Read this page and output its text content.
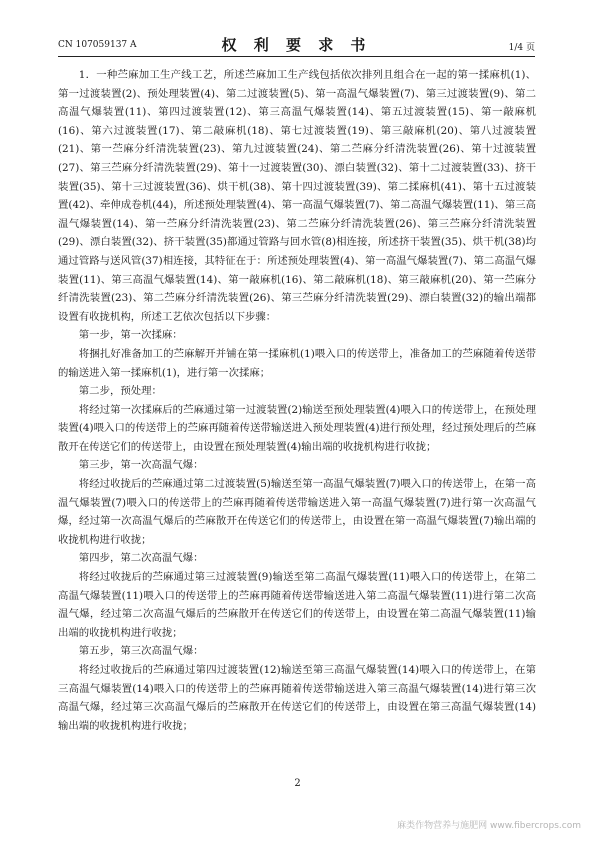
CN 107059137 A	权 利 要 求 书	1/4 页

1．一种苎麻加工生产线工艺，所述苎麻加工生产线包括依次排列且组合在一起的第一揉麻机(1)、第一过渡装置(2)、预处理装置(4)、第二过渡装置(5)、第一高温气爆装置(7)、第三过渡装置(9)、第二高温气爆装置(11)、第四过渡装置(12)、第三高温气爆装置(14)、第五过渡装置(15)、第一敲麻机(16)、第六过渡装置(17)、第二敲麻机(18)、第七过渡装置(19)、第三敲麻机(20)、第八过渡装置(21)、第一苎麻分纤清洗装置(23)、第九过渡装置(24)、第二苎麻分纤清洗装置(26)、第十过渡装置(27)、第三苎麻分纤清洗装置(29)、第十一过渡装置(30)、漂白装置(32)、第十二过渡装置(33)、挤干装置(35)、第十三过渡装置(36)、烘干机(38)、第十四过渡装置(39)、第二揉麻机(41)、第十五过渡装置(42)、牵伸成卷机(44)，所述预处理装置(4)、第一高温气爆装置(7)、第二高温气爆装置(11)、第三高温气爆装置(14)、第一苎麻分纤清洗装置(23)、第二苎麻分纤清洗装置(26)、第三苎麻分纤清洗装置(29)、漂白装置(32)、挤干装置(35)都通过管路与回水管(8)相连接，所述挤干装置(35)、烘干机(38)均通过管路与送风管(37)相连接，其特征在于：所述预处理装置(4)、第一高温气爆装置(7)、第二高温气爆装置(11)、第三高温气爆装置(14)、第一敲麻机(16)、第二敲麻机(18)、第三敲麻机(20)、第一苎麻分纤清洗装置(23)、第二苎麻分纤清洗装置(26)、第三苎麻分纤清洗装置(29)、漂白装置(32)的输出端都设置有收拢机构，所述工艺依次包括以下步骤：

第一步，第一次揉麻：

将捆扎好准备加工的苎麻解开并铺在第一揉麻机(1)喂入口的传送带上，准备加工的苎麻随着传送带的输送进入第一揉麻机(1)，进行第一次揉麻；

第二步，预处理：

将经过第一次揉麻后的苎麻通过第一过渡装置(2)输送至预处理装置(4)喂入口的传送带上，在预处理装置(4)喂入口的传送带上的苎麻再随着传送带输送进入预处理装置(4)进行预处理，经过预处理后的苎麻散开在传送它们的传送带上，由设置在预处理装置(4)输出端的收拢机构进行收拢；

第三步，第一次高温气爆：

将经过收拢后的苎麻通过第二过渡装置(5)输送至第一高温气爆装置(7)喂入口的传送带上，在第一高温气爆装置(7)喂入口的传送带上的苎麻再随着传送带输送进入第一高温气爆装置(7)进行第一次高温气爆，经过第一次高温气爆后的苎麻散开在传送它们的传送带上，由设置在第一高温气爆装置(7)输出端的收拢机构进行收拢；

第四步，第二次高温气爆：

将经过收拢后的苎麻通过第三过渡装置(9)输送至第二高温气爆装置(11)喂入口的传送带上，在第二高温气爆装置(11)喂入口的传送带上的苎麻再随着传送带输送进入第二高温气爆装置(11)进行第二次高温气爆，经过第二次高温气爆后的苎麻散开在传送它们的传送带上，由设置在第二高温气爆装置(11)输出端的收拢机构进行收拢；

第五步，第三次高温气爆：

将经过收拢后的苎麻通过第四过渡装置(12)输送至第三高温气爆装置(14)喂入口的传送带上，在第三高温气爆装置(14)喂入口的传送带上的苎麻再随着传送带输送进入第三高温气爆装置(14)进行第三次高温气爆，经过第三次高温气爆后的苎麻散开在传送它们的传送带上，由设置在第三高温气爆装置(14)输出端的收拢机构进行收拢；

2
麻类作物营养与施肥网 www.fibercrops.com
